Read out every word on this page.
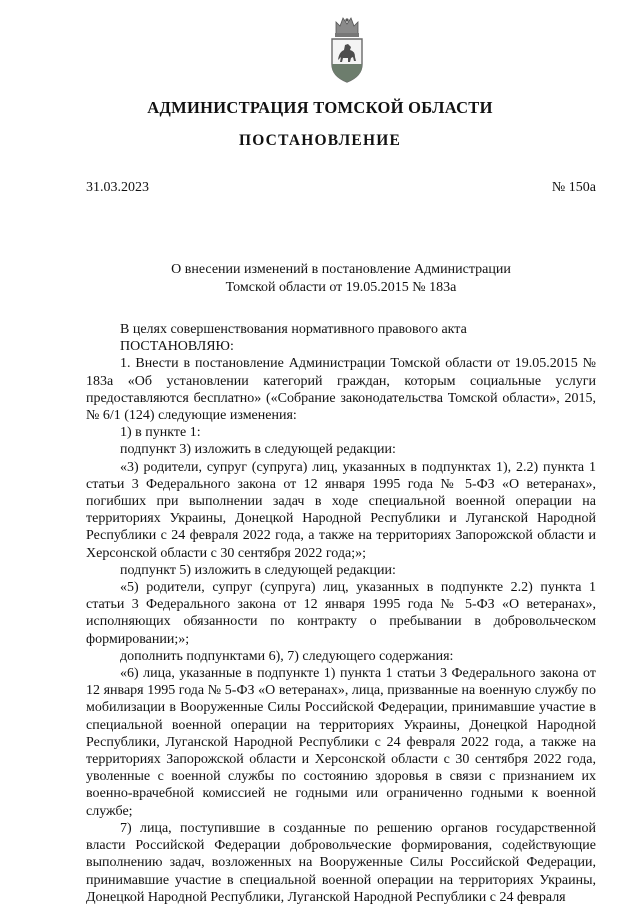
АДМИНИСТРАЦИЯ ТОМСКОЙ ОБЛАСТИ
ПОСТАНОВЛЕНИЕ
31.03.2023	№ 150а
О внесении изменений в постановление Администрации
Томской области от 19.05.2015 № 183а

В целях совершенствования нормативного правового акта

ПОСТАНОВЛЯЮ:

1. Внести в постановление Администрации Томской области от 19.05.2015 № 183а «Об установлении категорий граждан, которым социальные услуги предоставляются бесплатно» («Собрание законодательства Томской области», 2015, № 6/1 (124) следующие изменения:

1) в пункте 1:

подпункт 3) изложить в следующей редакции:

«3) родители, супруг (супруга) лиц, указанных в подпунктах 1), 2.2) пункта 1 статьи 3 Федерального закона от 12 января 1995 года № 5-ФЗ «О ветеранах», погибших при выполнении задач в ходе специальной военной операции на территориях Украины, Донецкой Народной Республики и Луганской Народной Республики с 24 февраля 2022 года, а также на территориях Запорожской области и Херсонской области с 30 сентября 2022 года;»;

подпункт 5) изложить в следующей редакции:

«5) родители, супруг (супруга) лиц, указанных в подпункте 2.2) пункта 1 статьи 3 Федерального закона от 12 января 1995 года № 5-ФЗ «О ветеранах», исполняющих обязанности по контракту о пребывании в добровольческом формировании;»;

дополнить подпунктами 6), 7) следующего содержания:

«6) лица, указанные в подпункте 1) пункта 1 статьи 3 Федерального закона от 12 января 1995 года № 5-ФЗ «О ветеранах», лица, призванные на военную службу по мобилизации в Вооруженные Силы Российской Федерации, принимавшие участие в специальной военной операции на территориях Украины, Донецкой Народной Республики, Луганской Народной Республики с 24 февраля 2022 года, а также на территориях Запорожской области и Херсонской области с 30 сентября 2022 года, уволенные с военной службы по состоянию здоровья в связи с признанием их военно-врачебной комиссией не годными или ограниченно годными к военной службе;

7) лица, поступившие в созданные по решению органов государственной власти Российской Федерации добровольческие формирования, содействующие выполнению задач, возложенных на Вооруженные Силы Российской Федерации, принимавшие участие в специальной военной операции на территориях Украины, Донецкой Народной Республики, Луганской Народной Республики с 24 февраля
